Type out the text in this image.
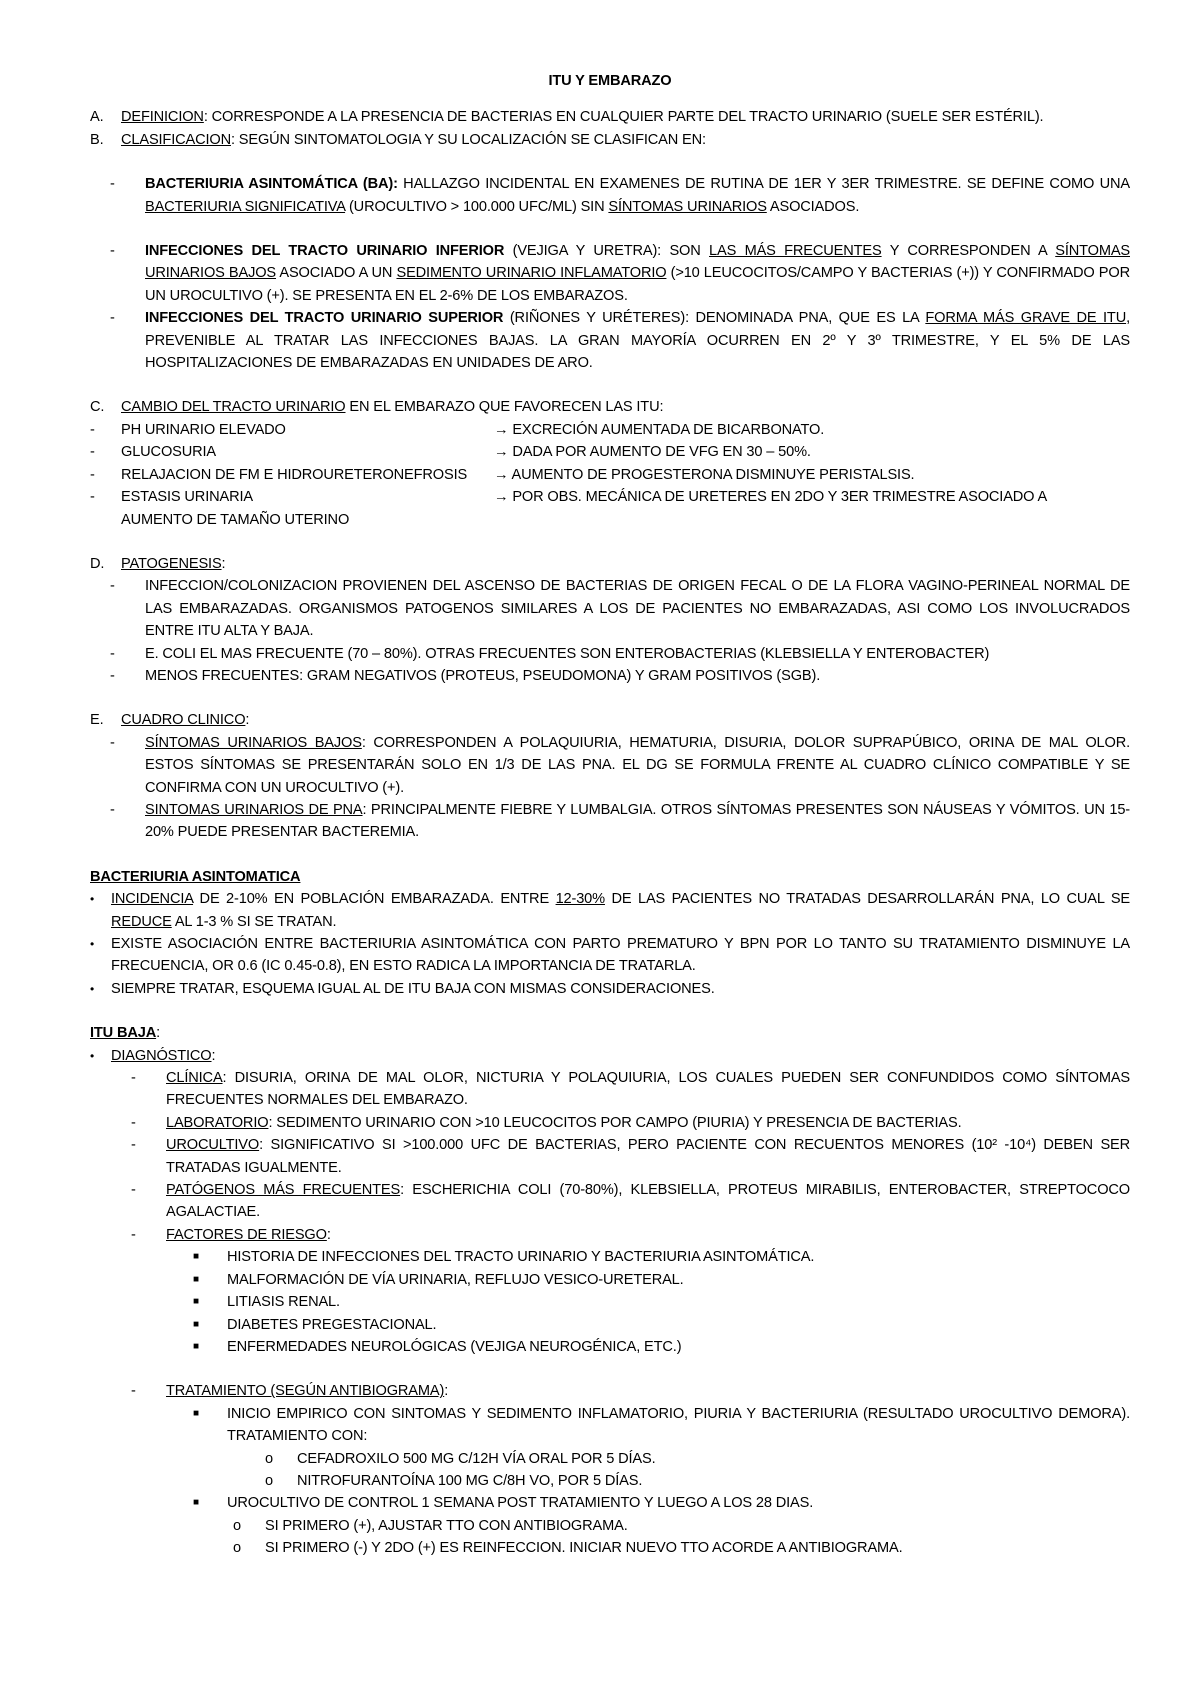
ITU Y EMBARAZO
A.	DEFINICION: CORRESPONDE A LA PRESENCIA DE BACTERIAS EN CUALQUIER PARTE DEL TRACTO URINARIO (SUELE SER ESTÉRIL).
B.	CLASIFICACION: SEGÚN SINTOMATOLOGIA Y SU LOCALIZACIÓN SE CLASIFICAN EN:
-	BACTERIURIA ASINTOMÁTICA (BA): HALLAZGO INCIDENTAL EN EXAMENES DE RUTINA DE 1ER Y 3ER TRIMESTRE. SE DEFINE COMO UNA BACTERIURIA SIGNIFICATIVA (UROCULTIVO > 100.000 UFC/ML) SIN SÍNTOMAS URINARIOS ASOCIADOS.
-	INFECCIONES DEL TRACTO URINARIO INFERIOR (VEJIGA Y URETRA): SON LAS MÁS FRECUENTES Y CORRESPONDEN A SÍNTOMAS URINARIOS BAJOS ASOCIADO A UN SEDIMENTO URINARIO INFLAMATORIO (>10 LEUCOCITOS/CAMPO Y BACTERIAS (+)) Y CONFIRMADO POR UN UROCULTIVO (+). SE PRESENTA EN EL 2-6% DE LOS EMBARAZOS.
-	INFECCIONES DEL TRACTO URINARIO SUPERIOR (RIÑONES Y URÉTERES): DENOMINADA PNA, QUE ES LA FORMA MÁS GRAVE DE ITU, PREVENIBLE AL TRATAR LAS INFECCIONES BAJAS. LA GRAN MAYORÍA OCURREN EN 2º Y 3º TRIMESTRE, Y EL 5% DE LAS HOSPITALIZACIONES DE EMBARAZADAS EN UNIDADES DE ARO.
C.	CAMBIO DEL TRACTO URINARIO EN EL EMBARAZO QUE FAVORECEN LAS ITU:
-	PH URINARIO ELEVADO	→ EXCRECIÓN AUMENTADA DE BICARBONATO.
-	GLUCOSURIA	→ DADA POR AUMENTO DE VFG EN 30 – 50%.
-	RELAJACION DE FM E HIDROURETERONEFROSIS	→ AUMENTO DE PROGESTERONA DISMINUYE PERISTALSIS.
-	ESTASIS URINARIA	→ POR OBS. MECÁNICA DE URETERES EN 2DO Y 3ER TRIMESTRE ASOCIADO A
AUMENTO DE TAMAÑO UTERINO
D.	PATOGENESIS:
-	INFECCION/COLONIZACION PROVIENEN DEL ASCENSO DE BACTERIAS DE ORIGEN FECAL O DE LA FLORA VAGINO-PERINEAL NORMAL DE LAS EMBARAZADAS. ORGANISMOS PATOGENOS SIMILARES A LOS DE PACIENTES NO EMBARAZADAS, ASI COMO LOS INVOLUCRADOS ENTRE ITU ALTA Y BAJA.
-	E. COLI EL MAS FRECUENTE (70 – 80%). OTRAS FRECUENTES SON ENTEROBACTERIAS (KLEBSIELLA Y ENTEROBACTER)
-	MENOS FRECUENTES: GRAM NEGATIVOS (PROTEUS, PSEUDOMONA) Y GRAM POSITIVOS (SGB).
E.	CUADRO CLINICO:
-	SÍNTOMAS URINARIOS BAJOS: CORRESPONDEN A POLAQUIURIA, HEMATURIA, DISURIA, DOLOR SUPRAPÚBICO, ORINA DE MAL OLOR. ESTOS SÍNTOMAS SE PRESENTARÁN SOLO EN 1/3 DE LAS PNA. EL DG SE FORMULA FRENTE AL CUADRO CLÍNICO COMPATIBLE Y SE CONFIRMA CON UN UROCULTIVO (+).
-	SINTOMAS URINARIOS DE PNA: PRINCIPALMENTE FIEBRE Y LUMBALGIA. OTROS SÍNTOMAS PRESENTES SON NÁUSEAS Y VÓMITOS. UN 15-20% PUEDE PRESENTAR BACTEREMIA.
BACTERIURIA ASINTOMATICA
•	INCIDENCIA DE 2-10% EN POBLACIÓN EMBARAZADA. ENTRE 12-30% DE LAS PACIENTES NO TRATADAS DESARROLLARÁN PNA, LO CUAL SE REDUCE AL 1-3 % SI SE TRATAN.
•	EXISTE ASOCIACIÓN ENTRE BACTERIURIA ASINTOMÁTICA CON PARTO PREMATURO Y BPN POR LO TANTO SU TRATAMIENTO DISMINUYE LA FRECUENCIA, OR 0.6 (IC 0.45-0.8), EN ESTO RADICA LA IMPORTANCIA DE TRATARLA.
•	SIEMPRE TRATAR, ESQUEMA IGUAL AL DE ITU BAJA CON MISMAS CONSIDERACIONES.
ITU BAJA:
•	DIAGNÓSTICO:
-	CLÍNICA: DISURIA, ORINA DE MAL OLOR, NICTURIA Y POLAQUIURIA, LOS CUALES PUEDEN SER CONFUNDIDOS COMO SÍNTOMAS FRECUENTES NORMALES DEL EMBARAZO.
-	LABORATORIO: SEDIMENTO URINARIO CON >10 LEUCOCITOS POR CAMPO (PIURIA) Y PRESENCIA DE BACTERIAS.
-	UROCULTIVO: SIGNIFICATIVO SI >100.000 UFC DE BACTERIAS, PERO PACIENTE CON RECUENTOS MENORES (10² -10⁴) DEBEN SER TRATADAS IGUALMENTE.
-	PATÓGENOS MÁS FRECUENTES: ESCHERICHIA COLI (70-80%), KLEBSIELLA, PROTEUS MIRABILIS, ENTEROBACTER, STREPTOCOCO AGALACTIAE.
-	FACTORES DE RIESGO:
■	HISTORIA DE INFECCIONES DEL TRACTO URINARIO Y BACTERIURIA ASINTOMÁTICA.
■	MALFORMACIÓN DE VÍA URINARIA, REFLUJO VESICO-URETERAL.
■	LITIASIS RENAL.
■	DIABETES PREGESTACIONAL.
■	ENFERMEDADES NEUROLÓGICAS (VEJIGA NEUROGÉNICA, ETC.)
-	TRATAMIENTO (SEGÚN ANTIBIOGRAMA):
■	INICIO EMPIRICO CON SINTOMAS Y SEDIMENTO INFLAMATORIO, PIURIA Y BACTERIURIA (RESULTADO UROCULTIVO DEMORA). TRATAMIENTO CON:
o	CEFADROXILO 500 MG C/12H VÍA ORAL POR 5 DÍAS.
o	NITROFURANTOÍNA 100 MG C/8H VO, POR 5 DÍAS.
■	UROCULTIVO DE CONTROL 1 SEMANA POST TRATAMIENTO Y LUEGO A LOS 28 DIAS.
o	SI PRIMERO (+), AJUSTAR TTO CON ANTIBIOGRAMA.
o	SI PRIMERO (-) Y 2DO (+) ES REINFECCION. INICIAR NUEVO TTO ACORDE A ANTIBIOGRAMA.
